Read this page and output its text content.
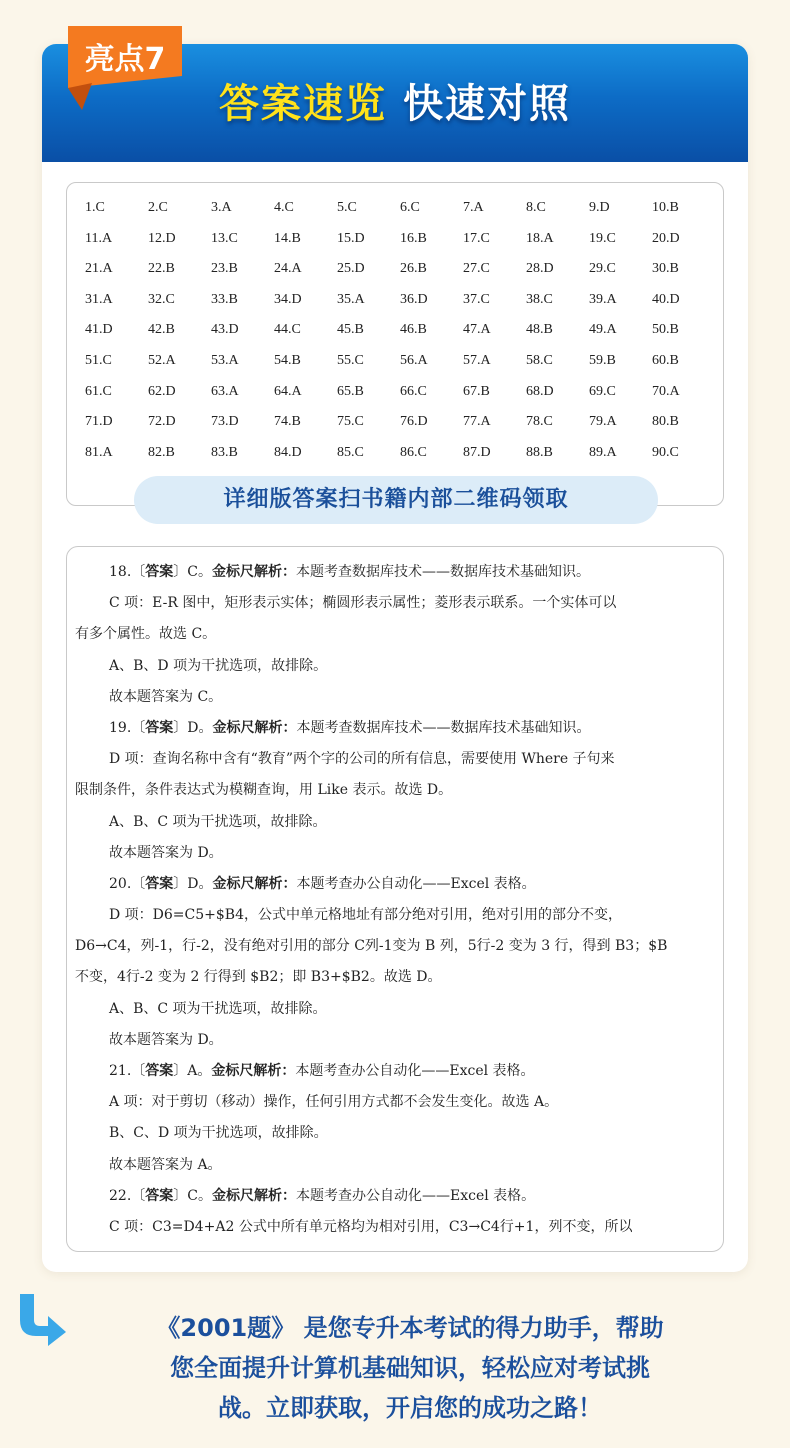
答案速览 快速对照
亮点7
1.C	2.C	3.A	4.C	5.C	6.C	7.A	8.C	9.D	10.B
11.A	12.D	13.C	14.B	15.D	16.B	17.C	18.A	19.C	20.D
21.A	22.B	23.B	24.A	25.D	26.B	27.C	28.D	29.C	30.B
31.A	32.C	33.B	34.D	35.A	36.D	37.C	38.C	39.A	40.D
41.D	42.B	43.D	44.C	45.B	46.B	47.A	48.B	49.A	50.B
51.C	52.A	53.A	54.B	55.C	56.A	57.A	58.C	59.B	60.B
61.C	62.D	63.A	64.A	65.B	66.C	67.B	68.D	69.C	70.A
71.D	72.D	73.D	74.B	75.C	76.D	77.A	78.C	79.A	80.B
81.A	82.B	83.B	84.D	85.C	86.C	87.D	88.B	89.A	90.C
详细版答案扫书籍内部二维码领取
18.〔答案〕C。金标尺解析：本题考查数据库技术——数据库技术基础知识。
C 项：E-R 图中，矩形表示实体；椭圆形表示属性；菱形表示联系。一个实体可以
有多个属性。故选 C。
A、B、D 项为干扰选项，故排除。
故本题答案为 C。
19.〔答案〕D。金标尺解析：本题考查数据库技术——数据库技术基础知识。
D 项：查询名称中含有“教育”两个字的公司的所有信息，需要使用 Where 子句来
限制条件，条件表达式为模糊查询，用 Like 表示。故选 D。
A、B、C 项为干扰选项，故排除。
故本题答案为 D。
20.〔答案〕D。金标尺解析：本题考查办公自动化——Excel 表格。
D 项：D6=C5+$B4，公式中单元格地址有部分绝对引用，绝对引用的部分不变，
D6→C4，列-1，行-2，没有绝对引用的部分 C列-1变为 B 列，5行-2 变为 3 行，得到 B3；$B
不变，4行-2 变为 2 行得到 $B2；即 B3+$B2。故选 D。
A、B、C 项为干扰选项，故排除。
故本题答案为 D。
21.〔答案〕A。金标尺解析：本题考查办公自动化——Excel 表格。
A 项：对于剪切（移动）操作，任何引用方式都不会发生变化。故选 A。
B、C、D 项为干扰选项，故排除。
故本题答案为 A。
22.〔答案〕C。金标尺解析：本题考查办公自动化——Excel 表格。
C 项：C3=D4+A2 公式中所有单元格均为相对引用，C3→C4行+1，列不变，所以
《2001题》 是您专升本考试的得力助手，帮助
您全面提升计算机基础知识，轻松应对考试挑
战。立即获取，开启您的成功之路！
